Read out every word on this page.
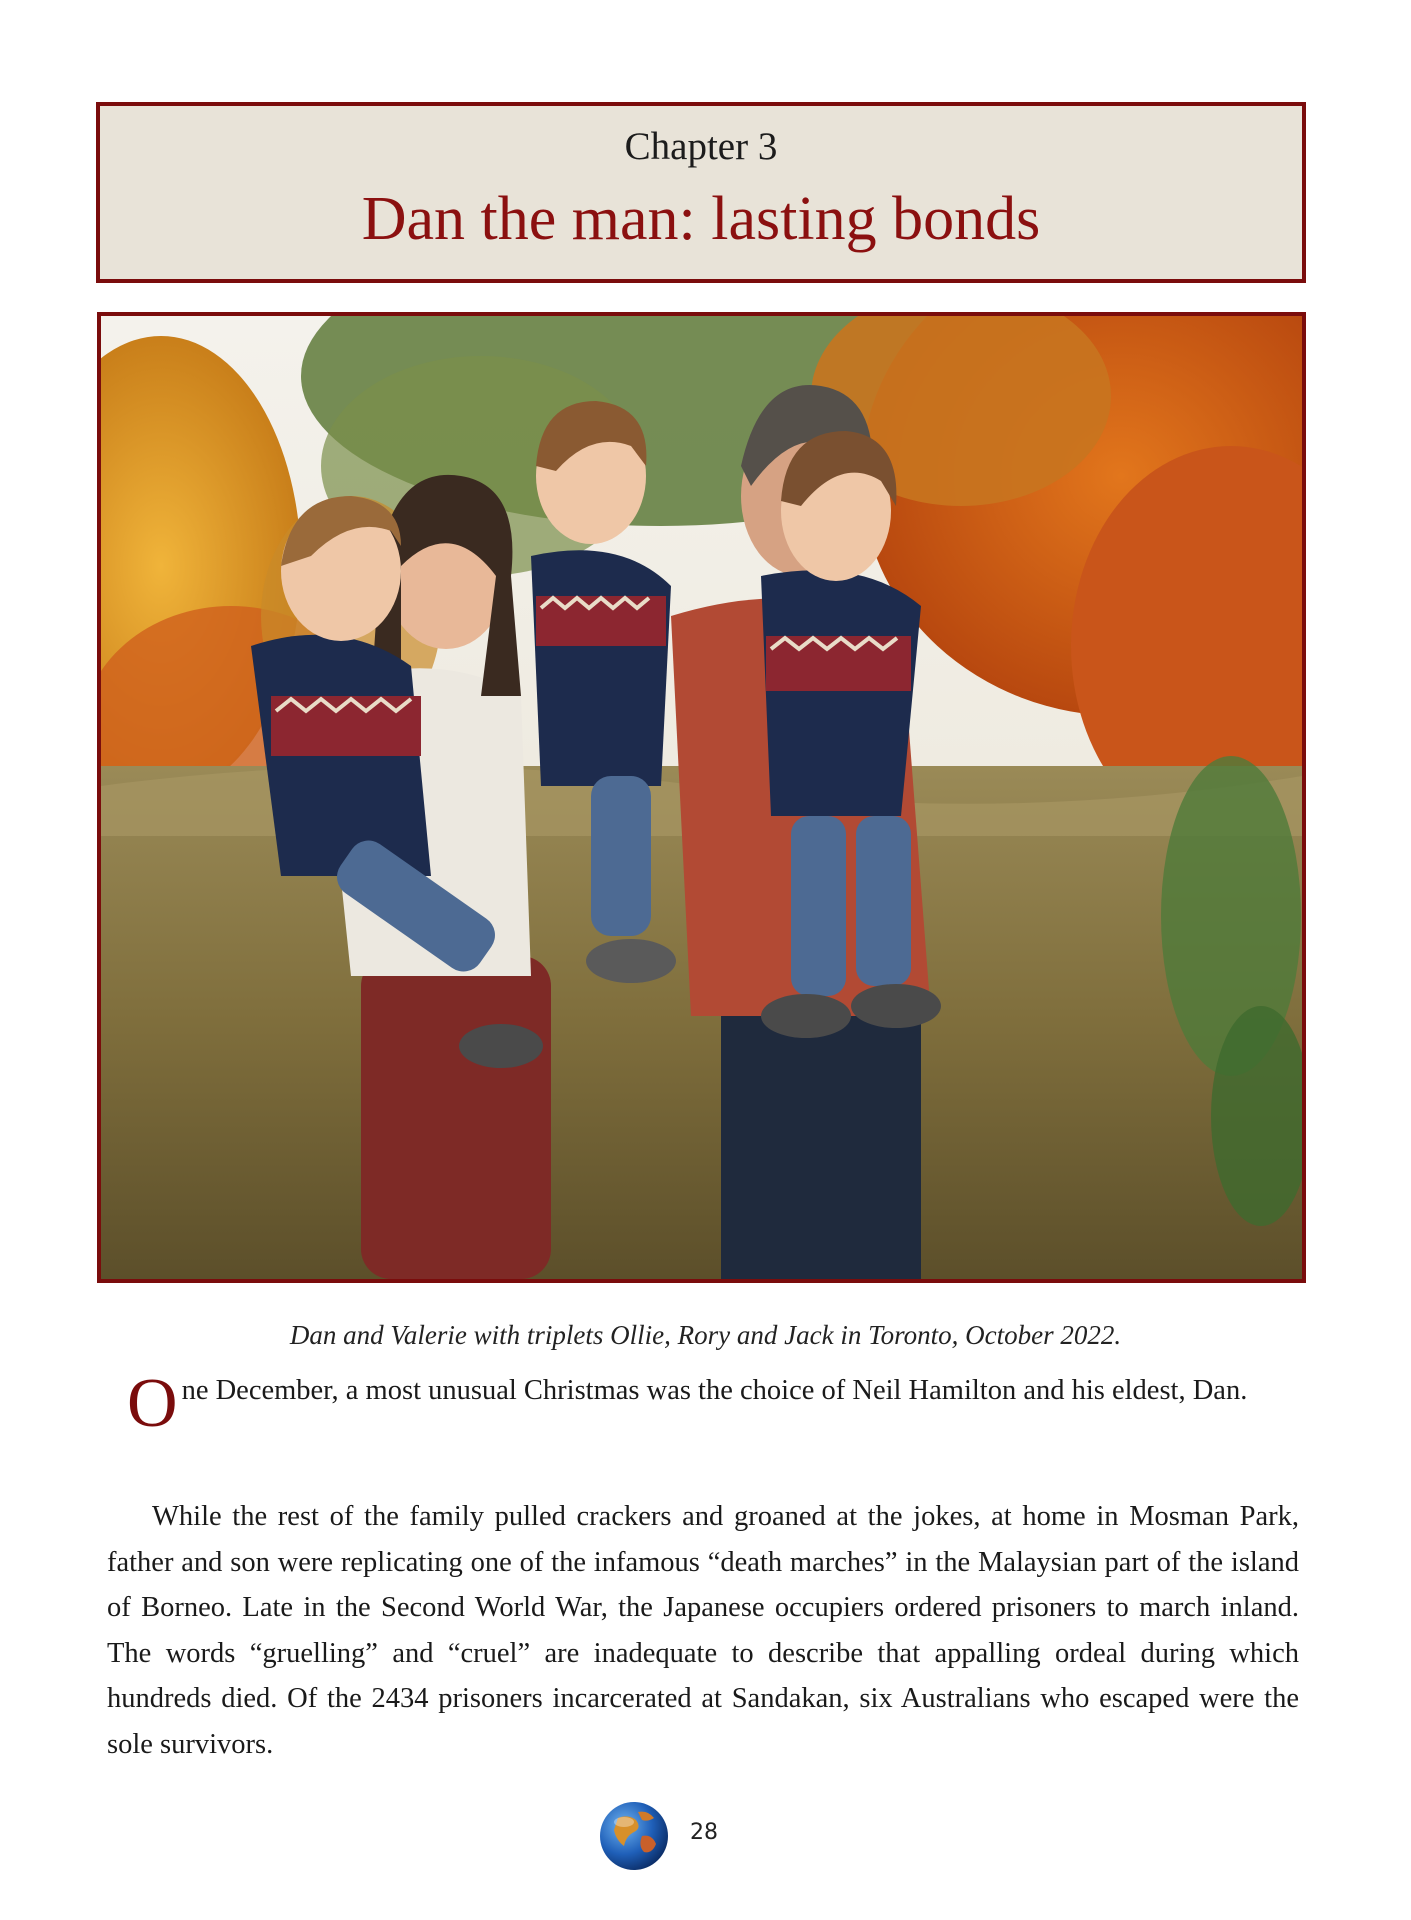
Chapter 3
Dan the man: lasting bonds
Dan and Valerie with triplets Ollie, Rory and Jack in Toronto, October 2022.

One December, a most unusual Christmas was the choice of Neil Hamilton and his eldest, Dan.

While the rest of the family pulled crackers and groaned at the jokes, at home in Mosman Park, father and son were replicating one of the infamous “death marches” in the Malaysian part of the island of Borneo. Late in the Second World War, the Japanese occupiers ordered prisoners to march inland. The words “gruelling” and “cruel” are inadequate to describe that appalling ordeal during which hundreds died. Of the 2434 prisoners incarcerated at Sandakan, six Australians who escaped were the sole survivors.

28
